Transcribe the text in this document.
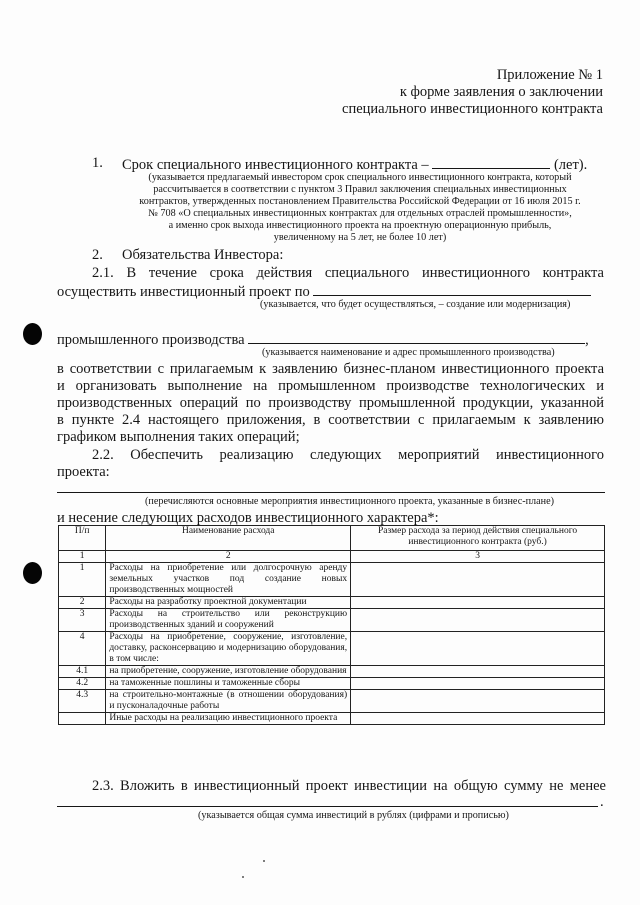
Приложение № 1
к форме заявления о заключении
специального инвестиционного контракта
1. Срок специального инвестиционного контракта –	(лет).
(указывается предлагаемый инвестором срок специального инвестиционного контракта, который
рассчитывается в соответствии с пунктом 3 Правил заключения специальных инвестиционных
контрактов, утвержденных постановлением Правительства Российской Федерации от 16 июля 2015 г.
№ 708 «О специальных инвестиционных контрактах для отдельных отраслей промышленности»,
а именно срок выхода инвестиционного проекта на проектную операционную прибыль,
увеличенному на 5 лет, не более 10 лет)
2. Обязательства Инвестора:
2.1. В течение срока действия специального инвестиционного контракта
осуществить инвестиционный проект по
(указывается, что будет осуществляться, – создание или модернизация)
промышленного производства	,
(указывается наименование и адрес промышленного производства)
в соответствии с прилагаемым к заявлению бизнес-планом инвестиционного проекта
и организовать выполнение на промышленном производстве технологических и
производственных операций по производству промышленной продукции, указанной
в пункте 2.4 настоящего приложения, в соответствии с прилагаемым к заявлению
графиком выполнения таких операций;
2.2. Обеспечить реализацию следующих мероприятий инвестиционного
проекта:
(перечисляются основные мероприятия инвестиционного проекта, указанные в бизнес-плане)
и несение следующих расходов инвестиционного характера*:
П/п	Наименование расхода	Размер расхода за период действия специального инвестиционного контракта (руб.)
1	2	3
1	Расходы на приобретение или долгосрочную аренду земельных участков под создание новых производственных мощностей	
2	Расходы на разработку проектной документации	
3	Расходы на строительство или реконструкцию производственных зданий и сооружений	
4	Расходы на приобретение, сооружение, изготовление, доставку, расконсервацию и модернизацию оборудования, в том числе:	
4.1	на приобретение, сооружение, изготовление оборудования	
4.2	на таможенные пошлины и таможенные сборы	
4.3	на строительно-монтажные (в отношении оборудования) и пусконаладочные работы	
	Иные расходы на реализацию инвестиционного проекта	
2.3. Вложить в инвестиционный проект инвестиции на общую сумму не менее
.
(указывается общая сумма инвестиций в рублях (цифрами и прописью)
